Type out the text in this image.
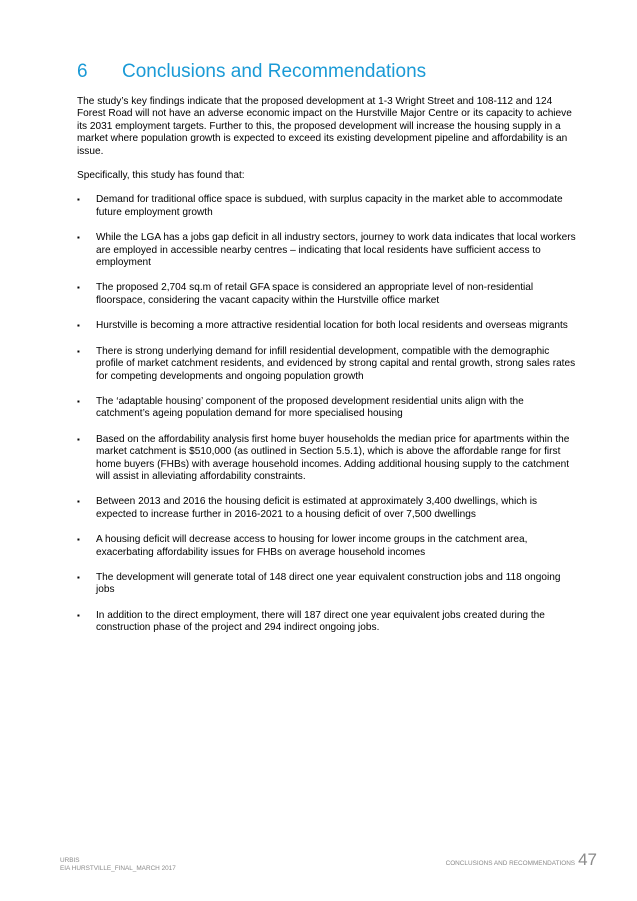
6 Conclusions and Recommendations

The study’s key findings indicate that the proposed development at 1-3 Wright Street and 108-112 and 124 Forest Road will not have an adverse economic impact on the Hurstville Major Centre or its capacity to achieve its 2031 employment targets. Further to this, the proposed development will increase the housing supply in a market where population growth is expected to exceed its existing development pipeline and affordability is an issue.

Specifically, this study has found that:

▪ Demand for traditional office space is subdued, with surplus capacity in the market able to accommodate future employment growth
▪ While the LGA has a jobs gap deficit in all industry sectors, journey to work data indicates that local workers are employed in accessible nearby centres – indicating that local residents have sufficient access to employment
▪ The proposed 2,704 sq.m of retail GFA space is considered an appropriate level of non-residential floorspace, considering the vacant capacity within the Hurstville office market
▪ Hurstville is becoming a more attractive residential location for both local residents and overseas migrants
▪ There is strong underlying demand for infill residential development, compatible with the demographic profile of market catchment residents, and evidenced by strong capital and rental growth, strong sales rates for competing developments and ongoing population growth
▪ The ‘adaptable housing’ component of the proposed development residential units align with the catchment’s ageing population demand for more specialised housing
▪ Based on the affordability analysis first home buyer households the median price for apartments within the market catchment is $510,000 (as outlined in Section 5.5.1), which is above the affordable range for first home buyers (FHBs) with average household incomes. Adding additional housing supply to the catchment will assist in alleviating affordability constraints.
▪ Between 2013 and 2016 the housing deficit is estimated at approximately 3,400 dwellings, which is expected to increase further in 2016-2021 to a housing deficit of over 7,500 dwellings
▪ A housing deficit will decrease access to housing for lower income groups in the catchment area, exacerbating affordability issues for FHBs on average household incomes
▪ The development will generate total of 148 direct one year equivalent construction jobs and 118 ongoing jobs
▪ In addition to the direct employment, there will 187 direct one year equivalent jobs created during the construction phase of the project and 294 indirect ongoing jobs.
URBIS
EIA HURSTVILLE_FINAL_MARCH 2017
CONCLUSIONS AND RECOMMENDATIONS 47
